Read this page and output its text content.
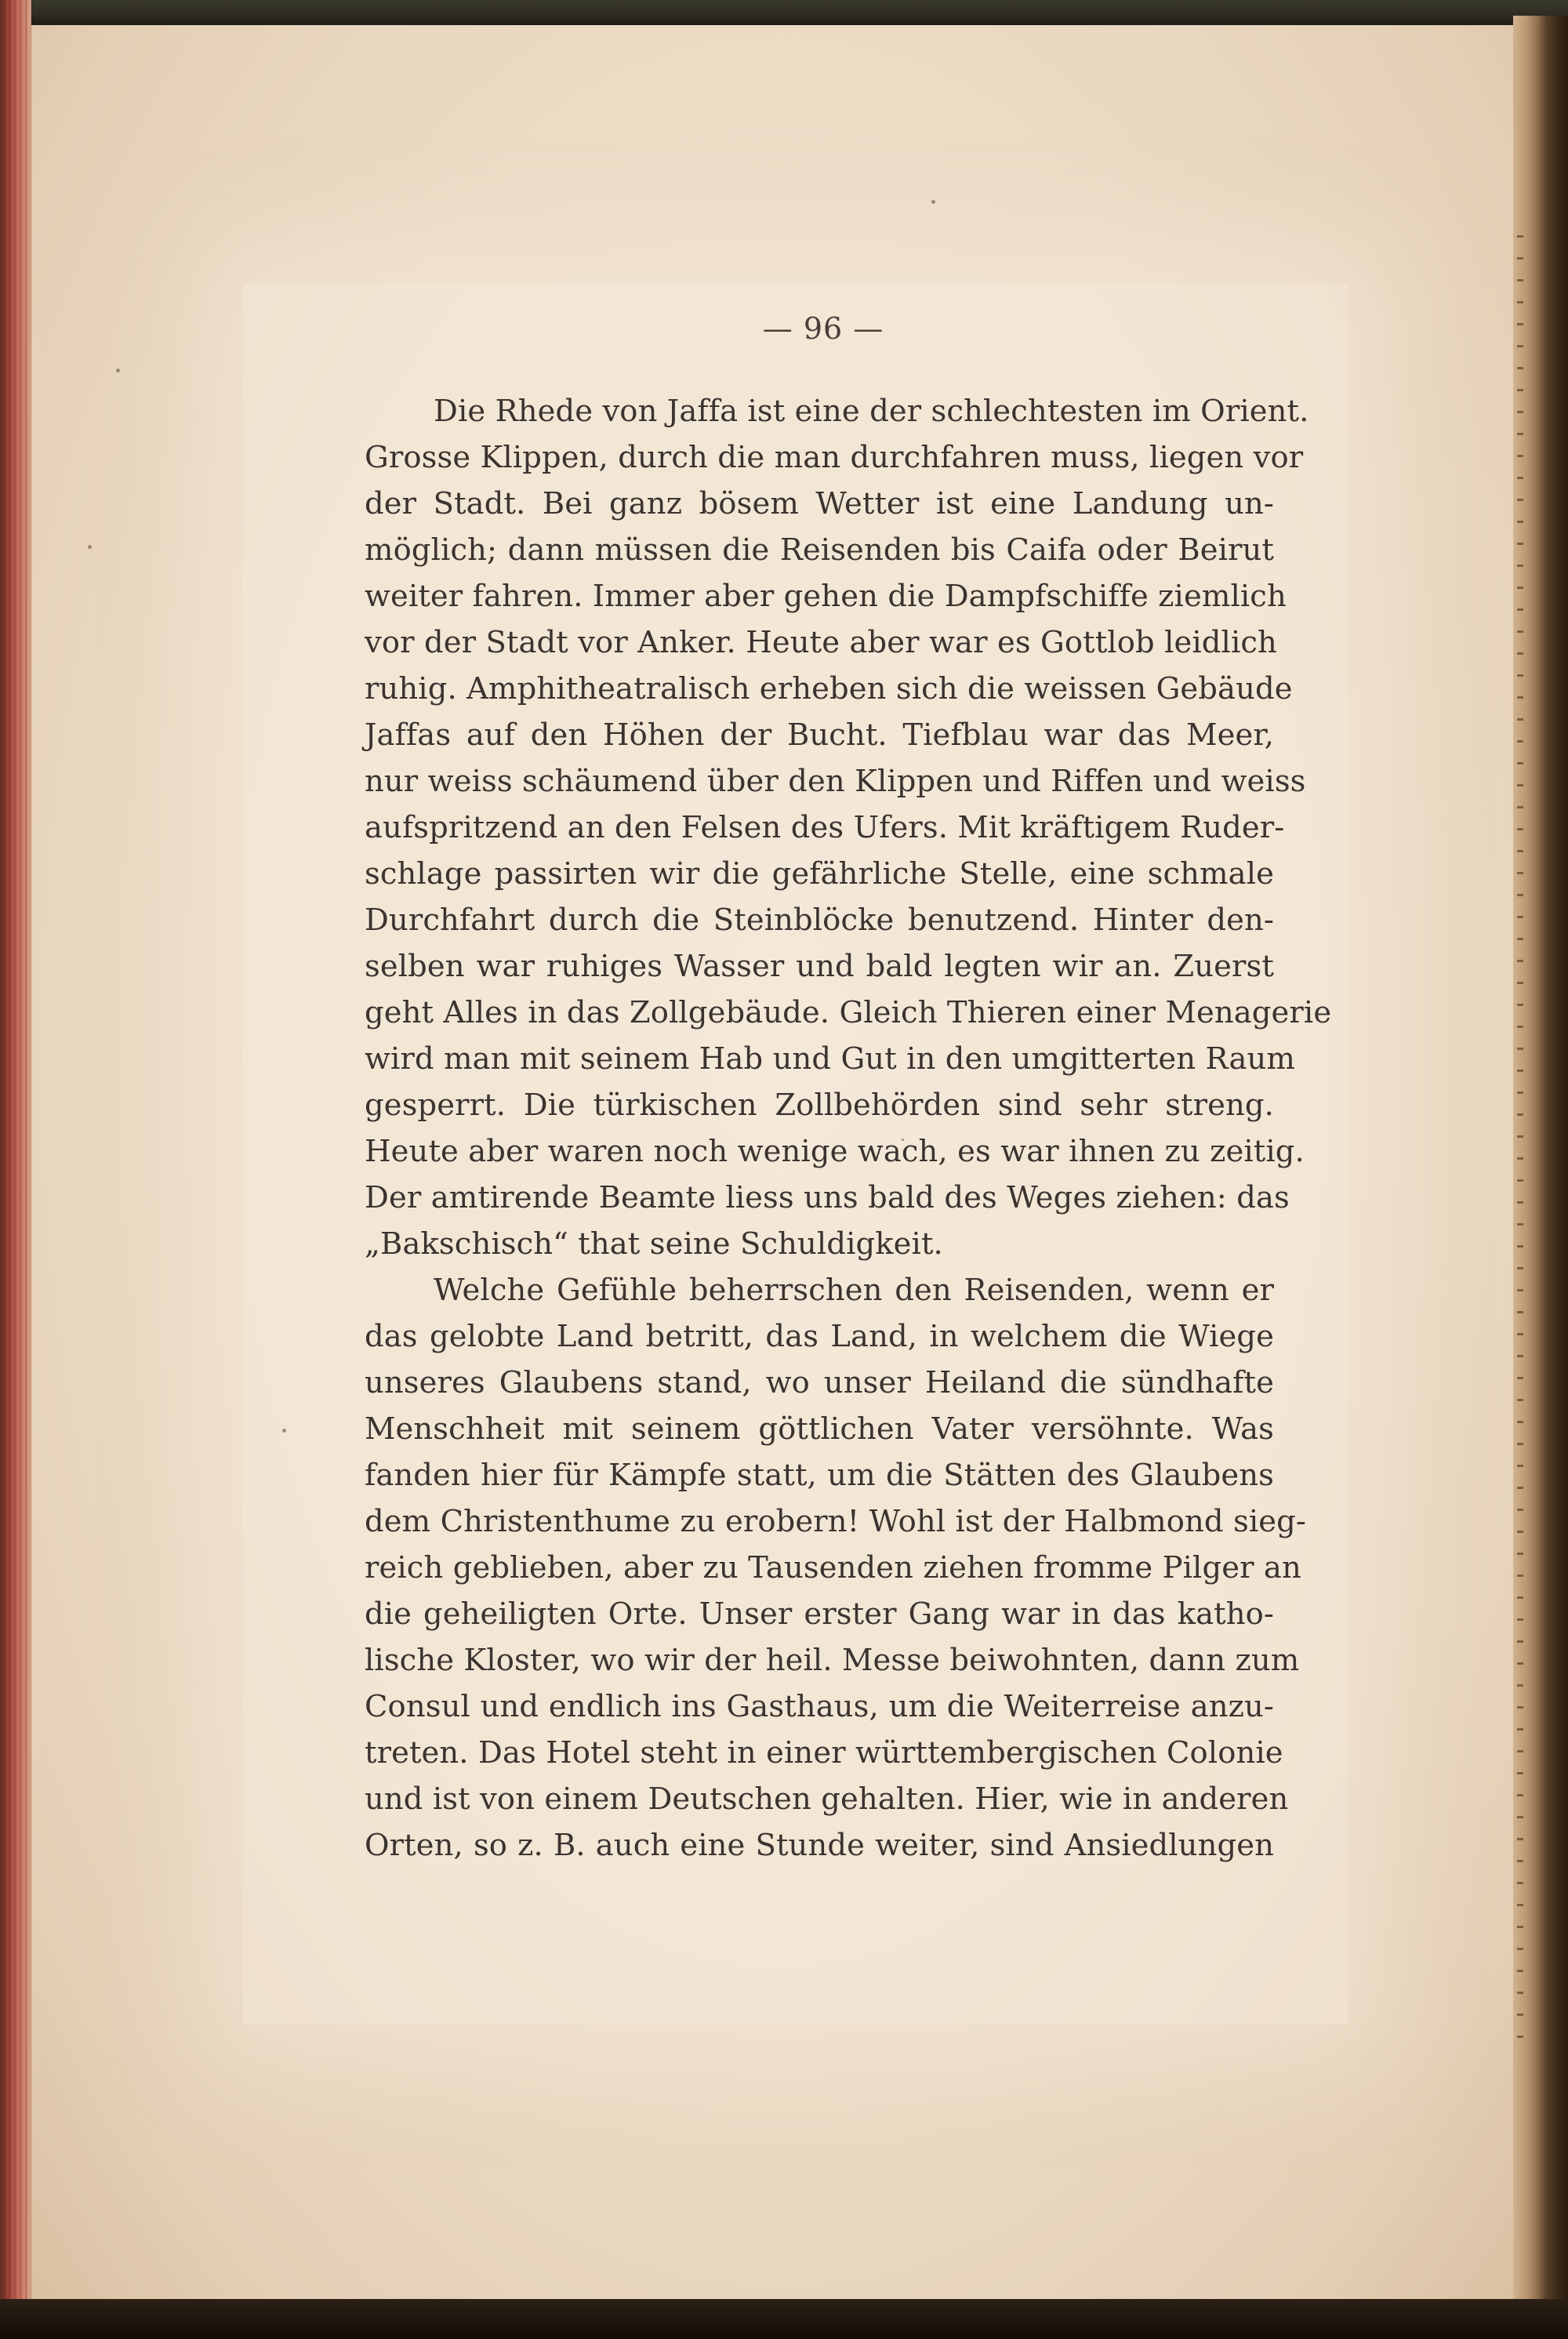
— 96 —

Die Rhede von Jaffa ist eine der schlechtesten im Orient.
Grosse Klippen, durch die man durchfahren muss, liegen vor
der Stadt. Bei ganz bösem Wetter ist eine Landung un-
möglich; dann müssen die Reisenden bis Caifa oder Beirut
weiter fahren. Immer aber gehen die Dampfschiffe ziemlich
vor der Stadt vor Anker. Heute aber war es Gottlob leidlich
ruhig. Amphitheatralisch erheben sich die weissen Gebäude
Jaffas auf den Höhen der Bucht. Tiefblau war das Meer,
nur weiss schäumend über den Klippen und Riffen und weiss
aufspritzend an den Felsen des Ufers. Mit kräftigem Ruder-
schlage passirten wir die gefährliche Stelle, eine schmale
Durchfahrt durch die Steinblöcke benutzend. Hinter den-
selben war ruhiges Wasser und bald legten wir an. Zuerst
geht Alles in das Zollgebäude. Gleich Thieren einer Menagerie
wird man mit seinem Hab und Gut in den umgitterten Raum
gesperrt. Die türkischen Zollbehörden sind sehr streng.
Heute aber waren noch wenige wach, es war ihnen zu zeitig.
Der amtirende Beamte liess uns bald des Weges ziehen: das
„Bakschisch“ that seine Schuldigkeit.

Welche Gefühle beherrschen den Reisenden, wenn er
das gelobte Land betritt, das Land, in welchem die Wiege
unseres Glaubens stand, wo unser Heiland die sündhafte
Menschheit mit seinem göttlichen Vater versöhnte. Was
fanden hier für Kämpfe statt, um die Stätten des Glaubens
dem Christenthume zu erobern! Wohl ist der Halbmond sieg-
reich geblieben, aber zu Tausenden ziehen fromme Pilger an
die geheiligten Orte. Unser erster Gang war in das katho-
lische Kloster, wo wir der heil. Messe beiwohnten, dann zum
Consul und endlich ins Gasthaus, um die Weiterreise anzu-
treten. Das Hotel steht in einer württembergischen Colonie
und ist von einem Deutschen gehalten. Hier, wie in anderen
Orten, so z. B. auch eine Stunde weiter, sind Ansiedlungen
